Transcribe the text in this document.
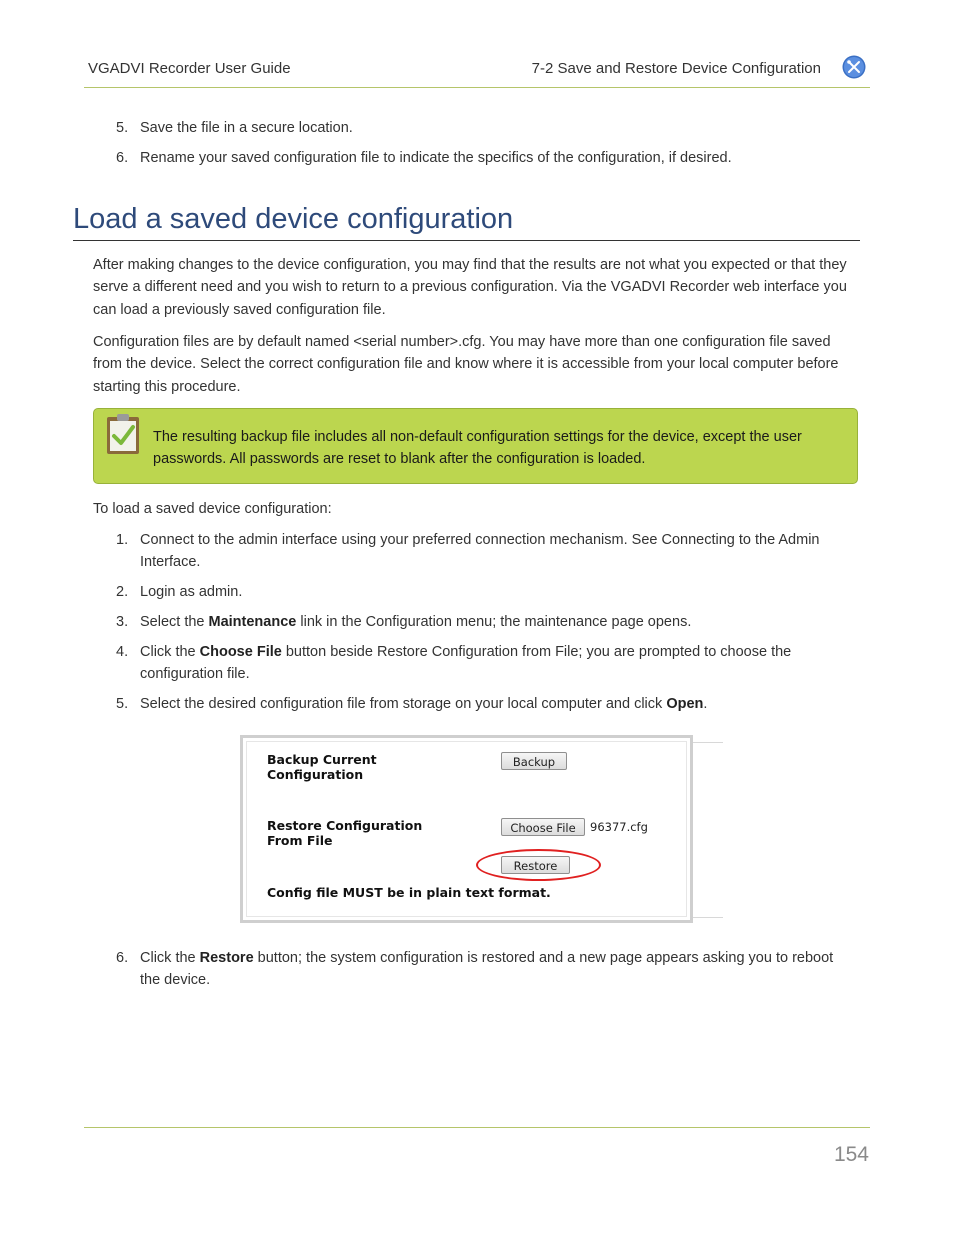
VGADVI Recorder User Guide	7-2 Save and Restore Device Configuration
5. Save the file in a secure location.
6. Rename your saved configuration file to indicate the specifics of the configuration, if desired.
Load a saved device configuration

After making changes to the device configuration, you may find that the results are not what you expected or that they serve a different need and you wish to return to a previous configuration. Via the VGADVI Recorder web interface you can load a previously saved configuration file.

Configuration files are by default named <serial number>.cfg. You may have more than one configuration file saved from the device. Select the correct configuration file and know where it is accessible from your local computer before starting this procedure.

The resulting backup file includes all non-default configuration settings for the device, except the user passwords. All passwords are reset to blank after the configuration is loaded.

To load a saved device configuration:

1. Connect to the admin interface using your preferred connection mechanism. See Connecting to the Admin Interface.
2. Login as admin.
3. Select the Maintenance link in the Configuration menu; the maintenance page opens.
4. Click the Choose File button beside Restore Configuration from File; you are prompted to choose the configuration file.
5. Select the desired configuration file from storage on your local computer and click Open.
Backup Current
Configuration
Backup
Restore Configuration
From File
Choose File	96377.cfg
Restore
Config file MUST be in plain text format.
6. Click the Restore button; the system configuration is restored and a new page appears asking you to reboot the device.
154
